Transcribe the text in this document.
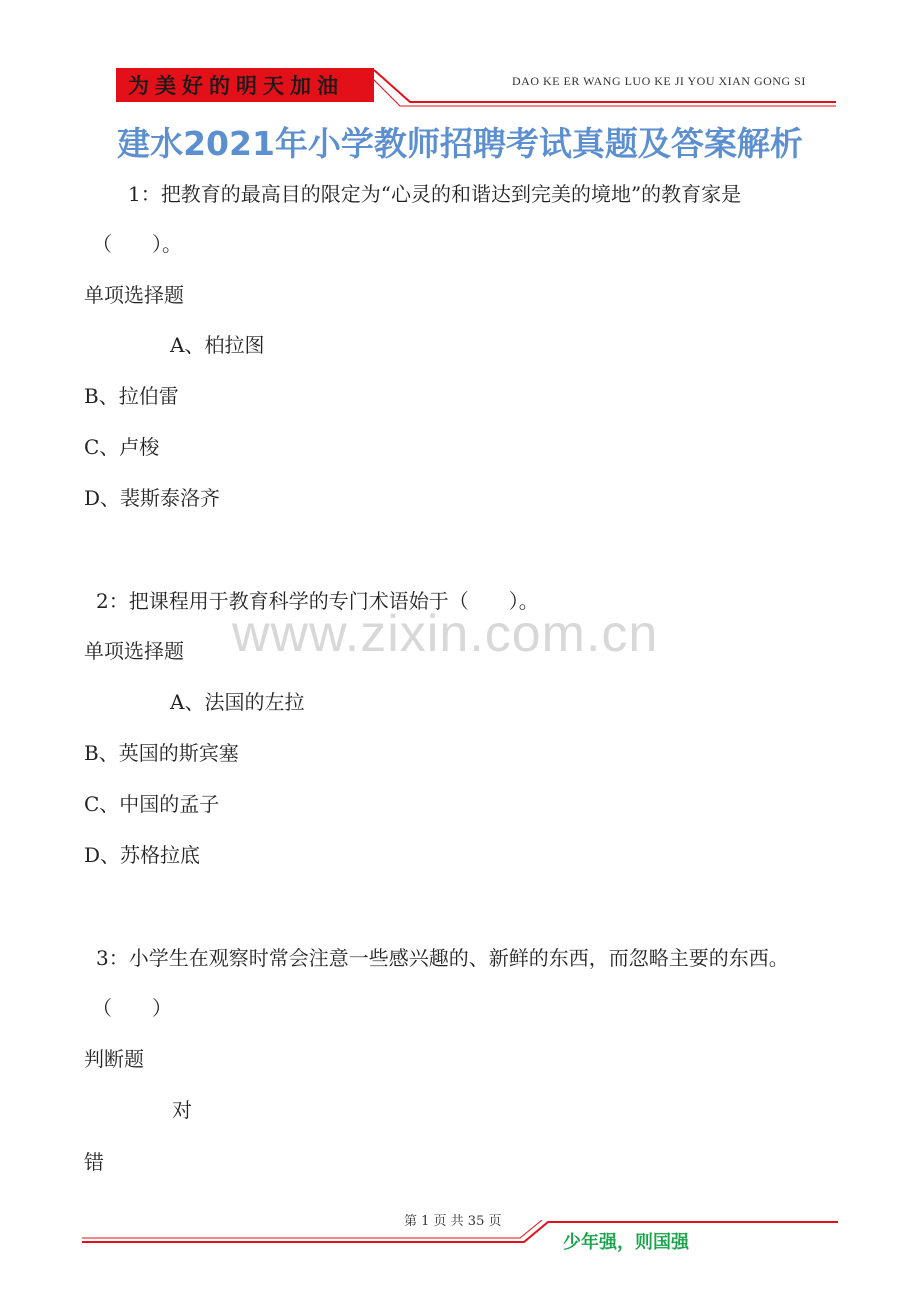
为美好的明天加油	DAO KE ER WANG LUO KE JI YOU XIAN GONG SI
建水2021年小学教师招聘考试真题及答案解析
1：把教育的最高目的限定为“心灵的和谐达到完美的境地”的教育家是
（　　）。
单项选择题
A、柏拉图
B、拉伯雷
C、卢梭
D、裴斯泰洛齐
2：把课程用于教育科学的专门术语始于（　　）。
www.zixin.com.cn
单项选择题
A、法国的左拉
B、英国的斯宾塞
C、中国的孟子
D、苏格拉底
3：小学生在观察时常会注意一些感兴趣的、新鲜的东西，而忽略主要的东西。
（　　）
判断题
对
错
第 1 页 共 35 页
少年强，则国强
